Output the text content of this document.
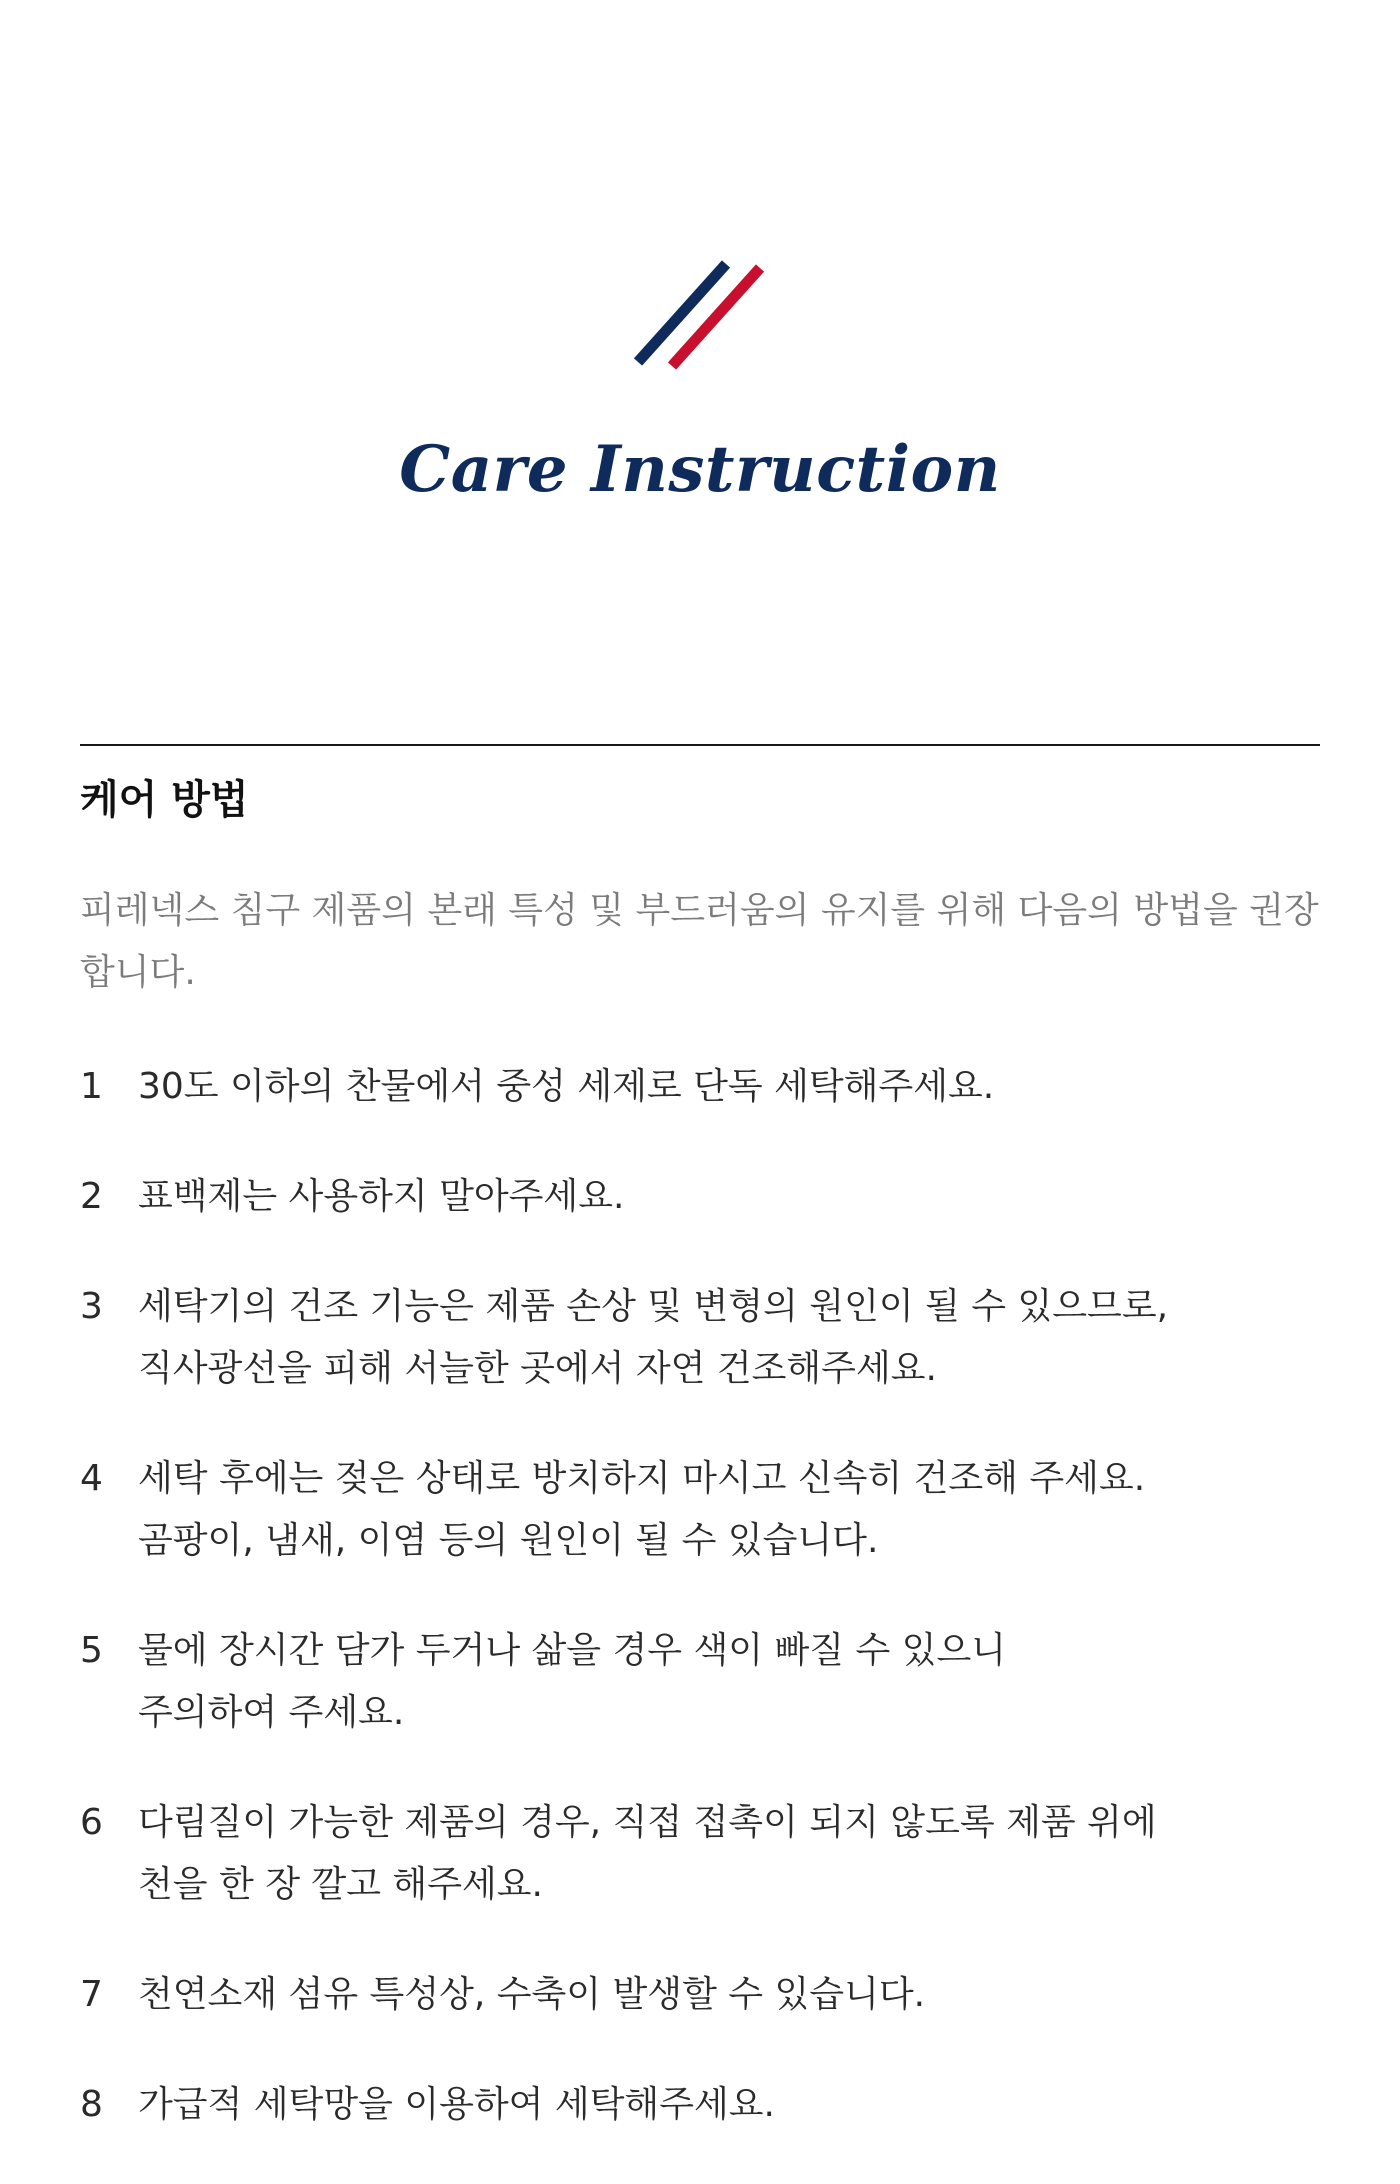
Care Instruction
케어 방법
피레넥스 침구 제품의 본래 특성 및 부드러움의 유지를 위해 다음의 방법을 권장합니다.
1 30도 이하의 찬물에서 중성 세제로 단독 세탁해주세요.
2 표백제는 사용하지 말아주세요.
3 세탁기의 건조 기능은 제품 손상 및 변형의 원인이 될 수 있으므로,
직사광선을 피해 서늘한 곳에서 자연 건조해주세요.
4 세탁 후에는 젖은 상태로 방치하지 마시고 신속히 건조해 주세요.
곰팡이, 냄새, 이염 등의 원인이 될 수 있습니다.
5 물에 장시간 담가 두거나 삶을 경우 색이 빠질 수 있으니
주의하여 주세요.
6 다림질이 가능한 제품의 경우, 직접 접촉이 되지 않도록 제품 위에
천을 한 장 깔고 해주세요.
7 천연소재 섬유 특성상, 수축이 발생할 수 있습니다.
8 가급적 세탁망을 이용하여 세탁해주세요.
